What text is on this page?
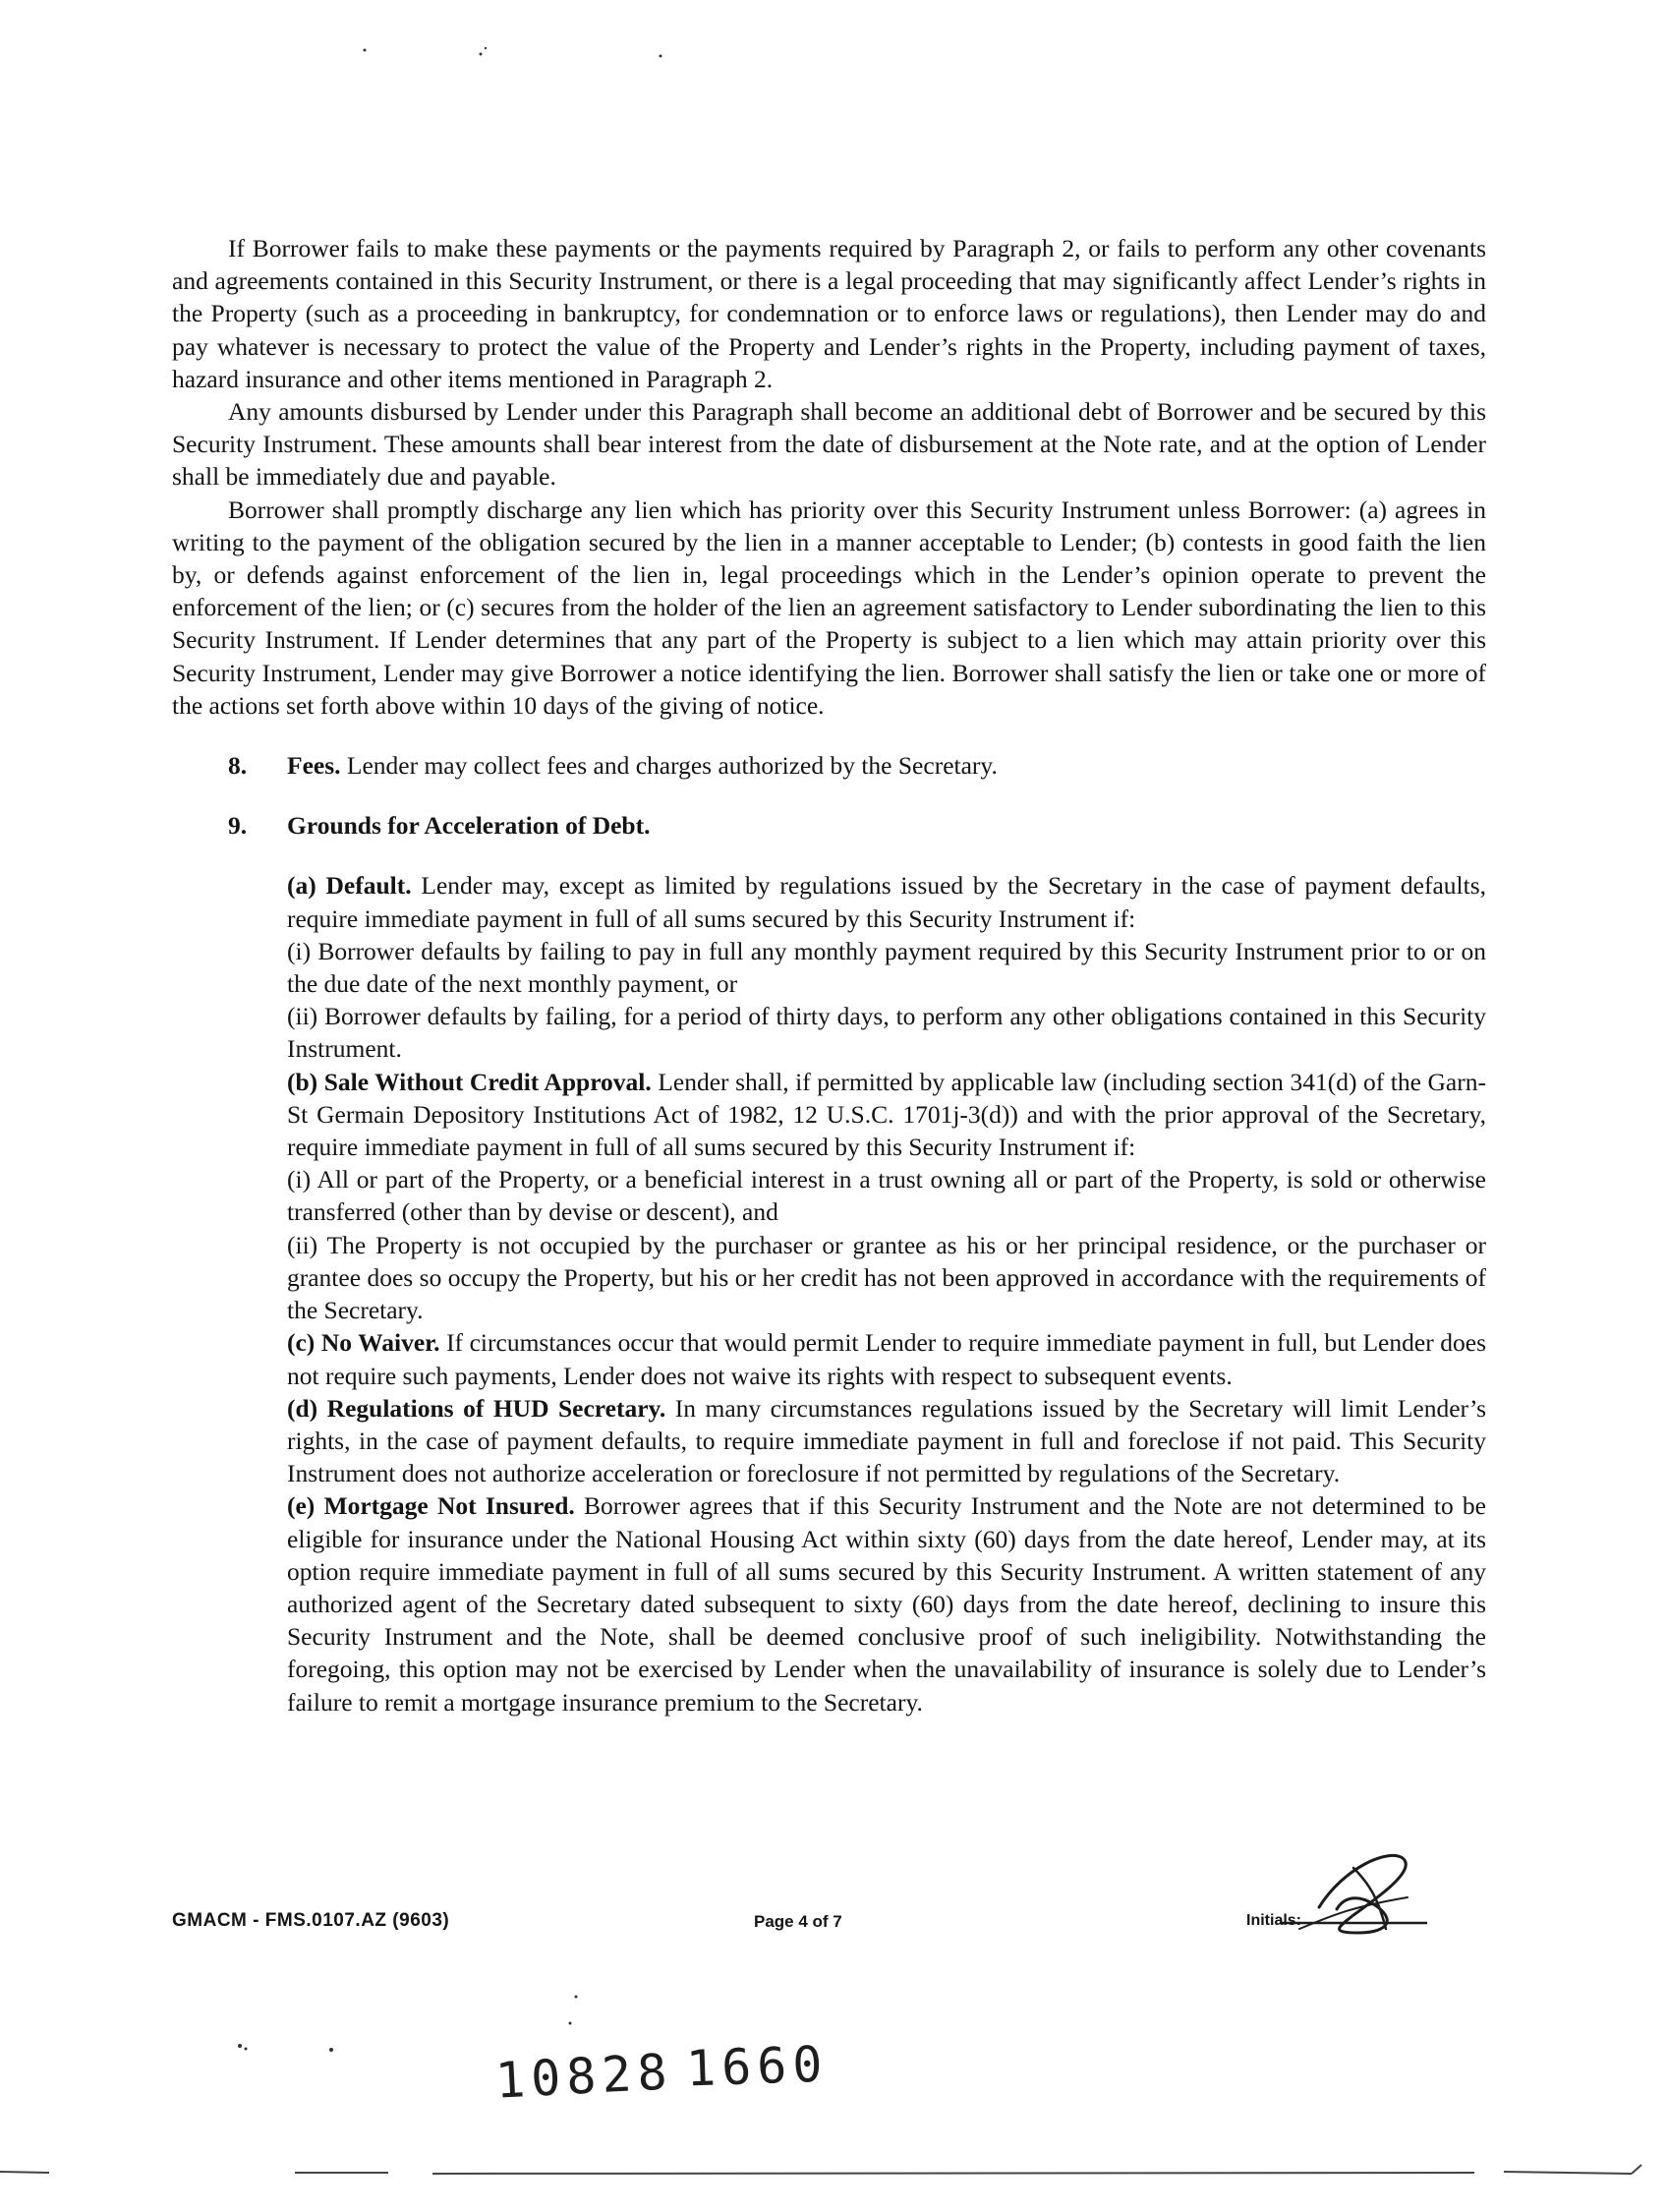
If Borrower fails to make these payments or the payments required by Paragraph 2, or fails to perform any other covenants and agreements contained in this Security Instrument, or there is a legal proceeding that may significantly affect Lender’s rights in the Property (such as a proceeding in bankruptcy, for condemnation or to enforce laws or regulations), then Lender may do and pay whatever is necessary to protect the value of the Property and Lender’s rights in the Property, including payment of taxes, hazard insurance and other items mentioned in Paragraph 2.

Any amounts disbursed by Lender under this Paragraph shall become an additional debt of Borrower and be secured by this Security Instrument. These amounts shall bear interest from the date of disbursement at the Note rate, and at the option of Lender shall be immediately due and payable.

Borrower shall promptly discharge any lien which has priority over this Security Instrument unless Borrower: (a) agrees in writing to the payment of the obligation secured by the lien in a manner acceptable to Lender; (b) contests in good faith the lien by, or defends against enforcement of the lien in, legal proceedings which in the Lender’s opinion operate to prevent the enforcement of the lien; or (c) secures from the holder of the lien an agreement satisfactory to Lender subordinating the lien to this Security Instrument. If Lender determines that any part of the Property is subject to a lien which may attain priority over this Security Instrument, Lender may give Borrower a notice identifying the lien. Borrower shall satisfy the lien or take one or more of the actions set forth above within 10 days of the giving of notice.

8.	Fees. Lender may collect fees and charges authorized by the Secretary.
9.	Grounds for Acceleration of Debt.

(a) Default. Lender may, except as limited by regulations issued by the Secretary in the case of payment defaults, require immediate payment in full of all sums secured by this Security Instrument if:

(i) Borrower defaults by failing to pay in full any monthly payment required by this Security Instrument prior to or on the due date of the next monthly payment, or

(ii) Borrower defaults by failing, for a period of thirty days, to perform any other obligations contained in this Security Instrument.

(b) Sale Without Credit Approval. Lender shall, if permitted by applicable law (including section 341(d) of the Garn-St Germain Depository Institutions Act of 1982, 12 U.S.C. 1701j-3(d)) and with the prior approval of the Secretary, require immediate payment in full of all sums secured by this Security Instrument if:

(i) All or part of the Property, or a beneficial interest in a trust owning all or part of the Property, is sold or otherwise transferred (other than by devise or descent), and

(ii) The Property is not occupied by the purchaser or grantee as his or her principal residence, or the purchaser or grantee does so occupy the Property, but his or her credit has not been approved in accordance with the requirements of the Secretary.

(c) No Waiver. If circumstances occur that would permit Lender to require immediate payment in full, but Lender does not require such payments, Lender does not waive its rights with respect to subsequent events.

(d) Regulations of HUD Secretary. In many circumstances regulations issued by the Secretary will limit Lender’s rights, in the case of payment defaults, to require immediate payment in full and foreclose if not paid. This Security Instrument does not authorize acceleration or foreclosure if not permitted by regulations of the Secretary.

(e) Mortgage Not Insured. Borrower agrees that if this Security Instrument and the Note are not determined to be eligible for insurance under the National Housing Act within sixty (60) days from the date hereof, Lender may, at its option require immediate payment in full of all sums secured by this Security Instrument. A written statement of any authorized agent of the Secretary dated subsequent to sixty (60) days from the date hereof, declining to insure this Security Instrument and the Note, shall be deemed conclusive proof of such ineligibility. Notwithstanding the foregoing, this option may not be exercised by Lender when the unavailability of insurance is solely due to Lender’s failure to remit a mortgage insurance premium to the Secretary.

GMACM - FMS.0107.AZ (9603)	Page 4 of 7	Initials:
10828 1660
